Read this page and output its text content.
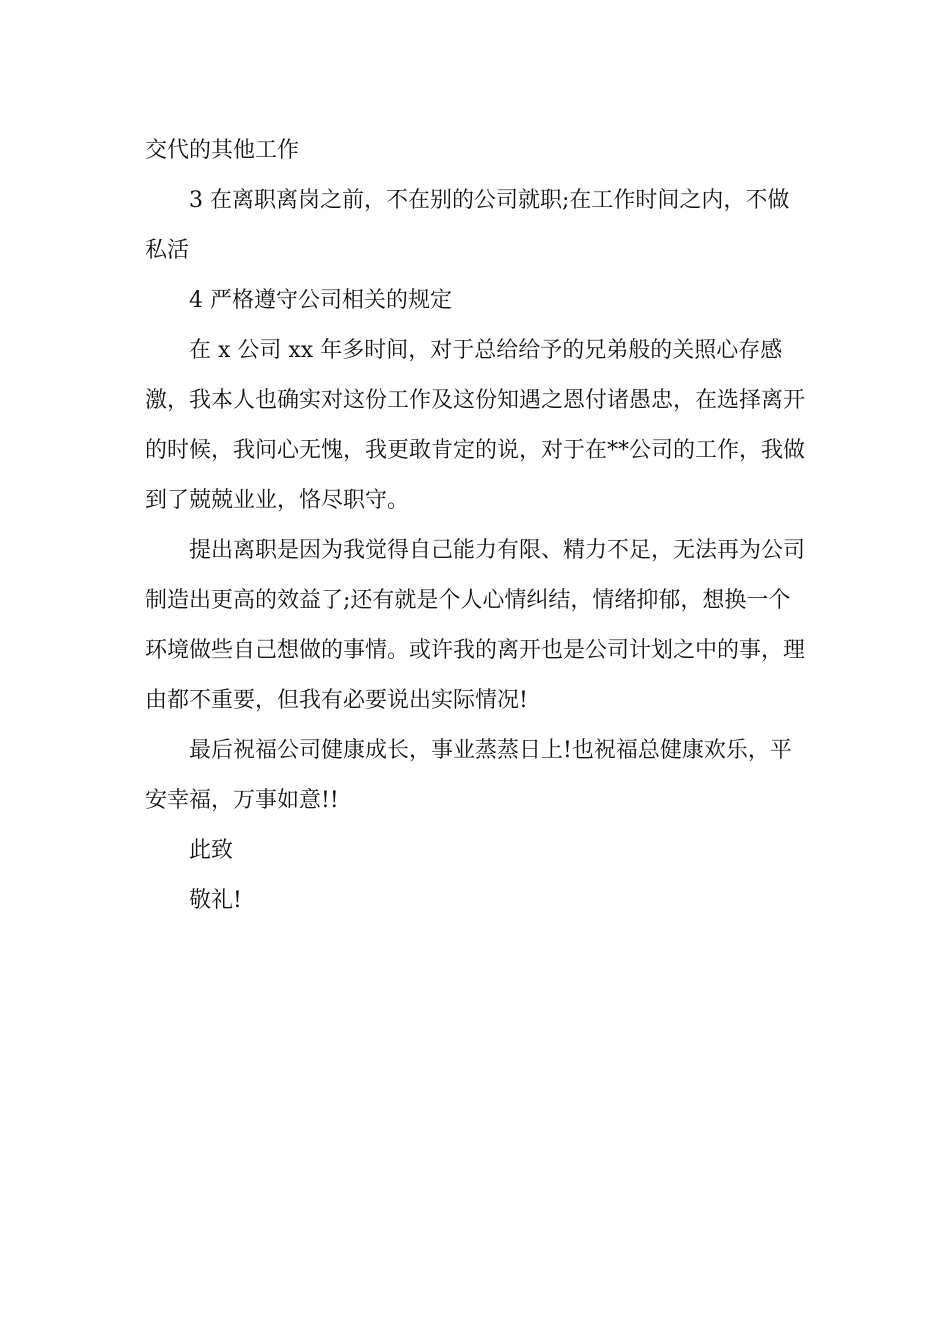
交代的其他工作

3 在离职离岗之前，不在别的公司就职;在工作时间之内，不做私活

4 严格遵守公司相关的规定

在 x 公司 xx 年多时间，对于总给给予的兄弟般的关照心存感激，我本人也确实对这份工作及这份知遇之恩付诸愚忠，在选择离开的时候，我问心无愧，我更敢肯定的说，对于在**公司的工作，我做到了兢兢业业，恪尽职守。

提出离职是因为我觉得自己能力有限、精力不足，无法再为公司制造出更高的效益了;还有就是个人心情纠结，情绪抑郁，想换一个环境做些自己想做的事情。或许我的离开也是公司计划之中的事，理由都不重要，但我有必要说出实际情况!

最后祝福公司健康成长，事业蒸蒸日上!也祝福总健康欢乐，平安幸福，万事如意!!

此致

敬礼!
